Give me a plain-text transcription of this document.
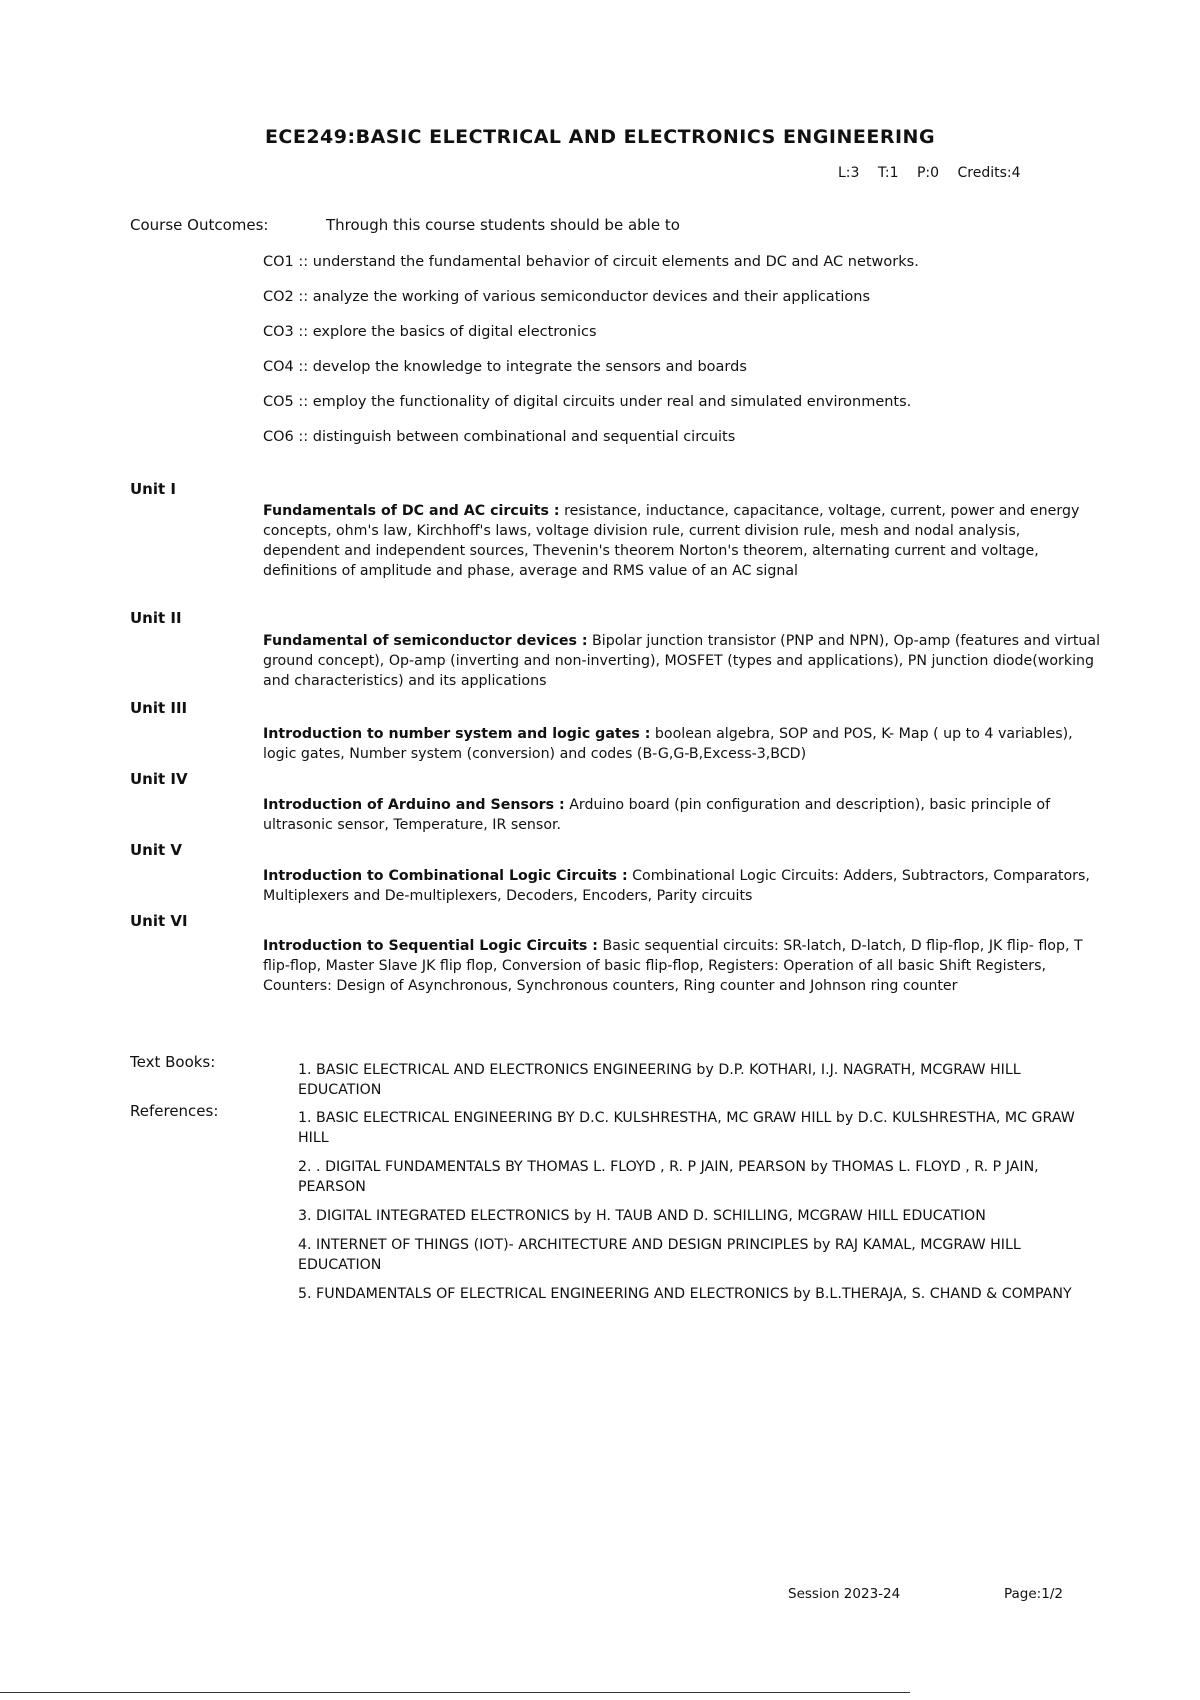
ECE249:BASIC ELECTRICAL AND ELECTRONICS ENGINEERING
L:3 T:1 P:0 Credits:4
Course Outcomes:	Through this course students should be able to
CO1 :: understand the fundamental behavior of circuit elements and DC and AC networks.
CO2 :: analyze the working of various semiconductor devices and their applications
CO3 :: explore the basics of digital electronics
CO4 :: develop the knowledge to integrate the sensors and boards
CO5 :: employ the functionality of digital circuits under real and simulated environments.
CO6 :: distinguish between combinational and sequential circuits
Unit I
Fundamentals of DC and AC circuits : resistance, inductance, capacitance, voltage, current, power and energy concepts, ohm's law, Kirchhoff's laws, voltage division rule, current division rule, mesh and nodal analysis, dependent and independent sources, Thevenin's theorem Norton's theorem, alternating current and voltage, definitions of amplitude and phase, average and RMS value of an AC signal
Unit II
Fundamental of semiconductor devices : Bipolar junction transistor (PNP and NPN), Op-amp (features and virtual ground concept), Op-amp (inverting and non-inverting), MOSFET (types and applications), PN junction diode(working and characteristics) and its applications
Unit III
Introduction to number system and logic gates : boolean algebra, SOP and POS, K- Map ( up to 4 variables), logic gates, Number system (conversion) and codes (B-G,G-B,Excess-3,BCD)
Unit IV
Introduction of Arduino and Sensors : Arduino board (pin configuration and description), basic principle of ultrasonic sensor, Temperature, IR sensor.
Unit V
Introduction to Combinational Logic Circuits : Combinational Logic Circuits: Adders, Subtractors, Comparators, Multiplexers and De-multiplexers, Decoders, Encoders, Parity circuits
Unit VI
Introduction to Sequential Logic Circuits : Basic sequential circuits: SR-latch, D-latch, D flip-flop, JK flip- flop, T flip-flop, Master Slave JK flip flop, Conversion of basic flip-flop, Registers: Operation of all basic Shift Registers, Counters: Design of Asynchronous, Synchronous counters, Ring counter and Johnson ring counter
Text Books:	1. BASIC ELECTRICAL AND ELECTRONICS ENGINEERING by D.P. KOTHARI, I.J. NAGRATH, MCGRAW HILL EDUCATION
References:	1. BASIC ELECTRICAL ENGINEERING BY D.C. KULSHRESTHA, MC GRAW HILL by D.C. KULSHRESTHA, MC GRAW HILL
2. . DIGITAL FUNDAMENTALS BY THOMAS L. FLOYD , R. P JAIN, PEARSON by THOMAS L. FLOYD , R. P JAIN, PEARSON
3. DIGITAL INTEGRATED ELECTRONICS by H. TAUB AND D. SCHILLING, MCGRAW HILL EDUCATION
4. INTERNET OF THINGS (IOT)- ARCHITECTURE AND DESIGN PRINCIPLES by RAJ KAMAL, MCGRAW HILL EDUCATION
5. FUNDAMENTALS OF ELECTRICAL ENGINEERING AND ELECTRONICS by B.L.THERAJA, S. CHAND & COMPANY
Session 2023-24	Page:1/2
